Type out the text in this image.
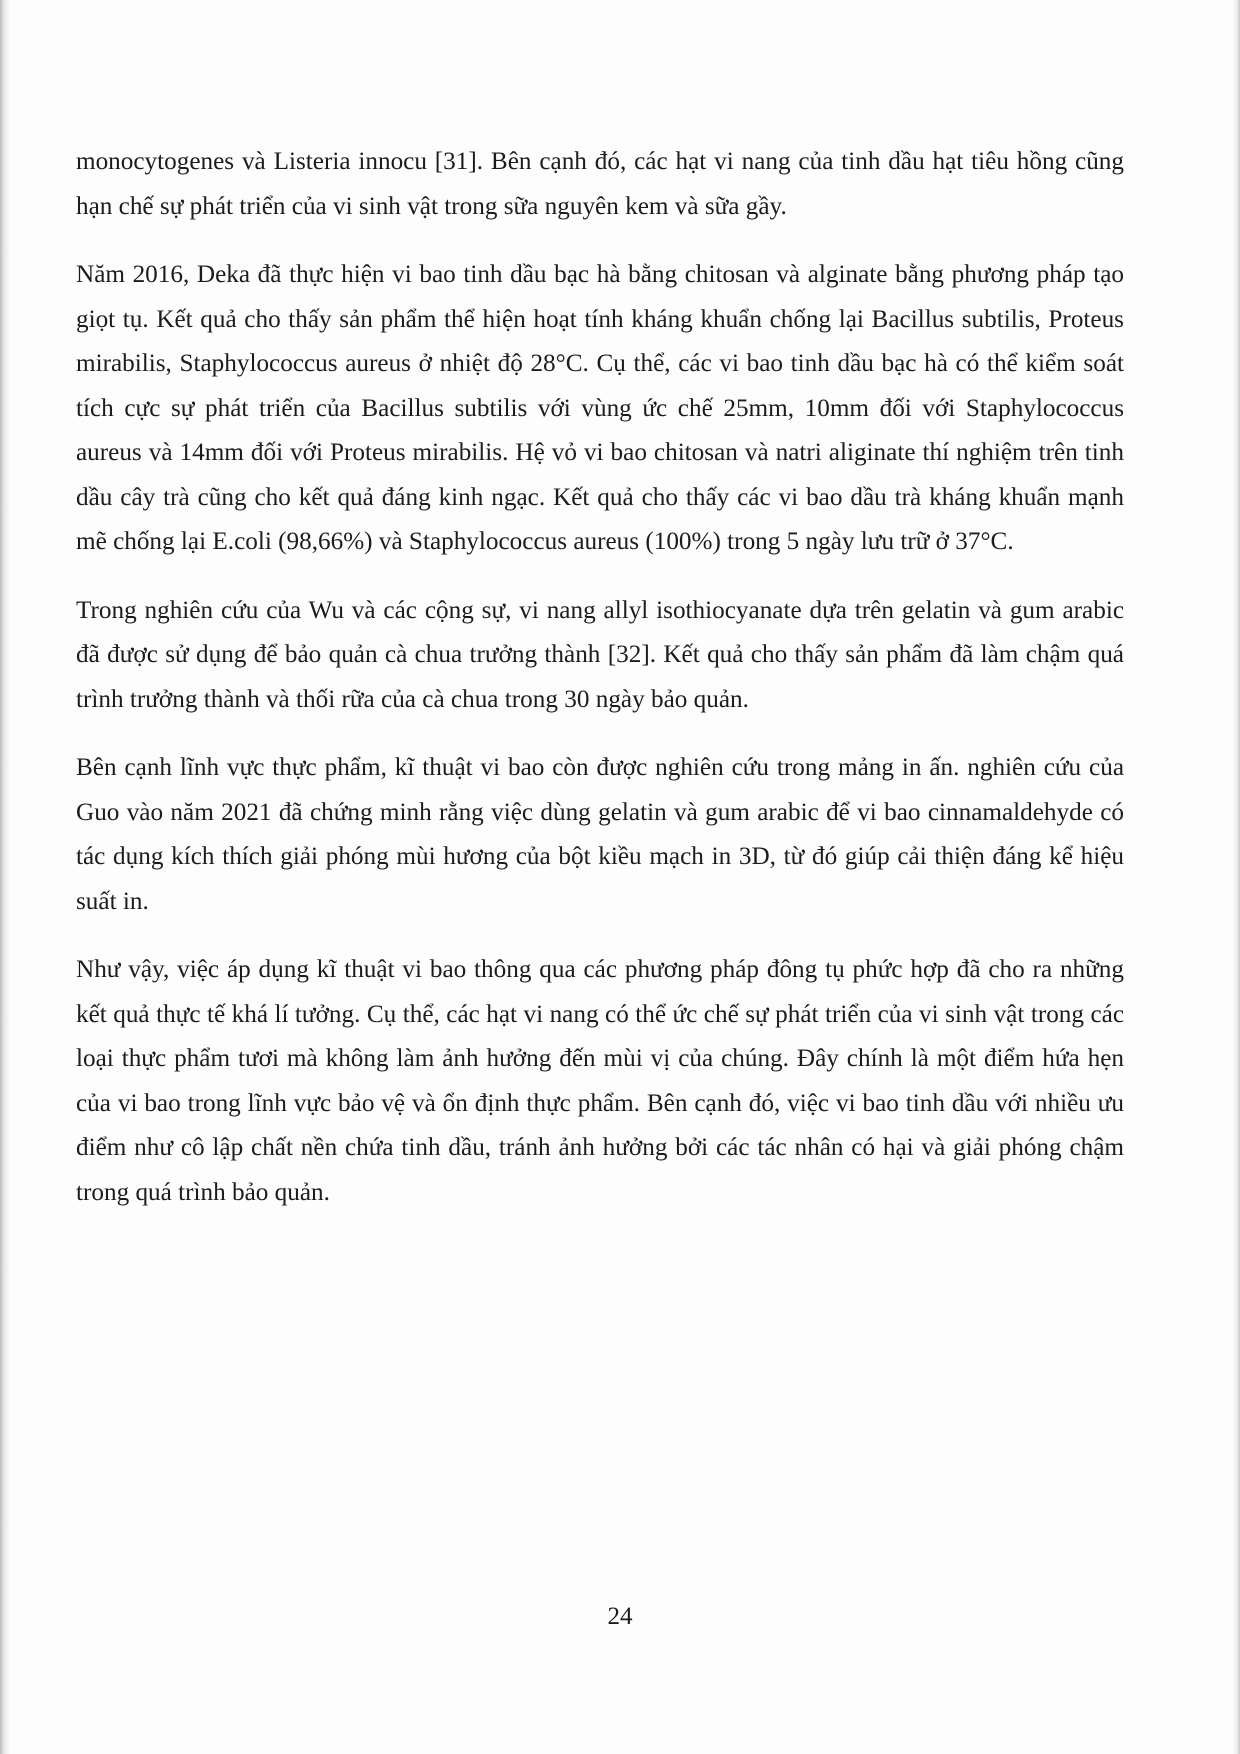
monocytogenes và Listeria innocu [31]. Bên cạnh đó, các hạt vi nang của tinh dầu hạt tiêu hồng cũng hạn chế sự phát triển của vi sinh vật trong sữa nguyên kem và sữa gầy.

Năm 2016, Deka đã thực hiện vi bao tinh dầu bạc hà bằng chitosan và alginate bằng phương pháp tạo giọt tụ. Kết quả cho thấy sản phẩm thể hiện hoạt tính kháng khuẩn chống lại Bacillus subtilis, Proteus mirabilis, Staphylococcus aureus ở nhiệt độ 28°C. Cụ thể, các vi bao tinh dầu bạc hà có thể kiểm soát tích cực sự phát triển của Bacillus subtilis với vùng ức chế 25mm, 10mm đối với Staphylococcus aureus và 14mm đối với Proteus mirabilis. Hệ vỏ vi bao chitosan và natri aliginate thí nghiệm trên tinh dầu cây trà cũng cho kết quả đáng kinh ngạc. Kết quả cho thấy các vi bao dầu trà kháng khuẩn mạnh mẽ chống lại E.coli (98,66%) và Staphylococcus aureus (100%) trong 5 ngày lưu trữ ở 37°C.

Trong nghiên cứu của Wu và các cộng sự, vi nang allyl isothiocyanate dựa trên gelatin và gum arabic đã được sử dụng để bảo quản cà chua trưởng thành [32]. Kết quả cho thấy sản phẩm đã làm chậm quá trình trưởng thành và thối rữa của cà chua trong 30 ngày bảo quản.

Bên cạnh lĩnh vực thực phẩm, kĩ thuật vi bao còn được nghiên cứu trong mảng in ấn. nghiên cứu của Guo vào năm 2021 đã chứng minh rằng việc dùng gelatin và gum arabic để vi bao cinnamaldehyde có tác dụng kích thích giải phóng mùi hương của bột kiều mạch in 3D, từ đó giúp cải thiện đáng kể hiệu suất in.

Như vậy, việc áp dụng kĩ thuật vi bao thông qua các phương pháp đông tụ phức hợp đã cho ra những kết quả thực tế khá lí tưởng. Cụ thể, các hạt vi nang có thể ức chế sự phát triển của vi sinh vật trong các loại thực phẩm tươi mà không làm ảnh hưởng đến mùi vị của chúng. Đây chính là một điểm hứa hẹn của vi bao trong lĩnh vực bảo vệ và ổn định thực phẩm. Bên cạnh đó, việc vi bao tinh dầu với nhiều ưu điểm như cô lập chất nền chứa tinh dầu, tránh ảnh hưởng bởi các tác nhân có hại và giải phóng chậm trong quá trình bảo quản.

24
